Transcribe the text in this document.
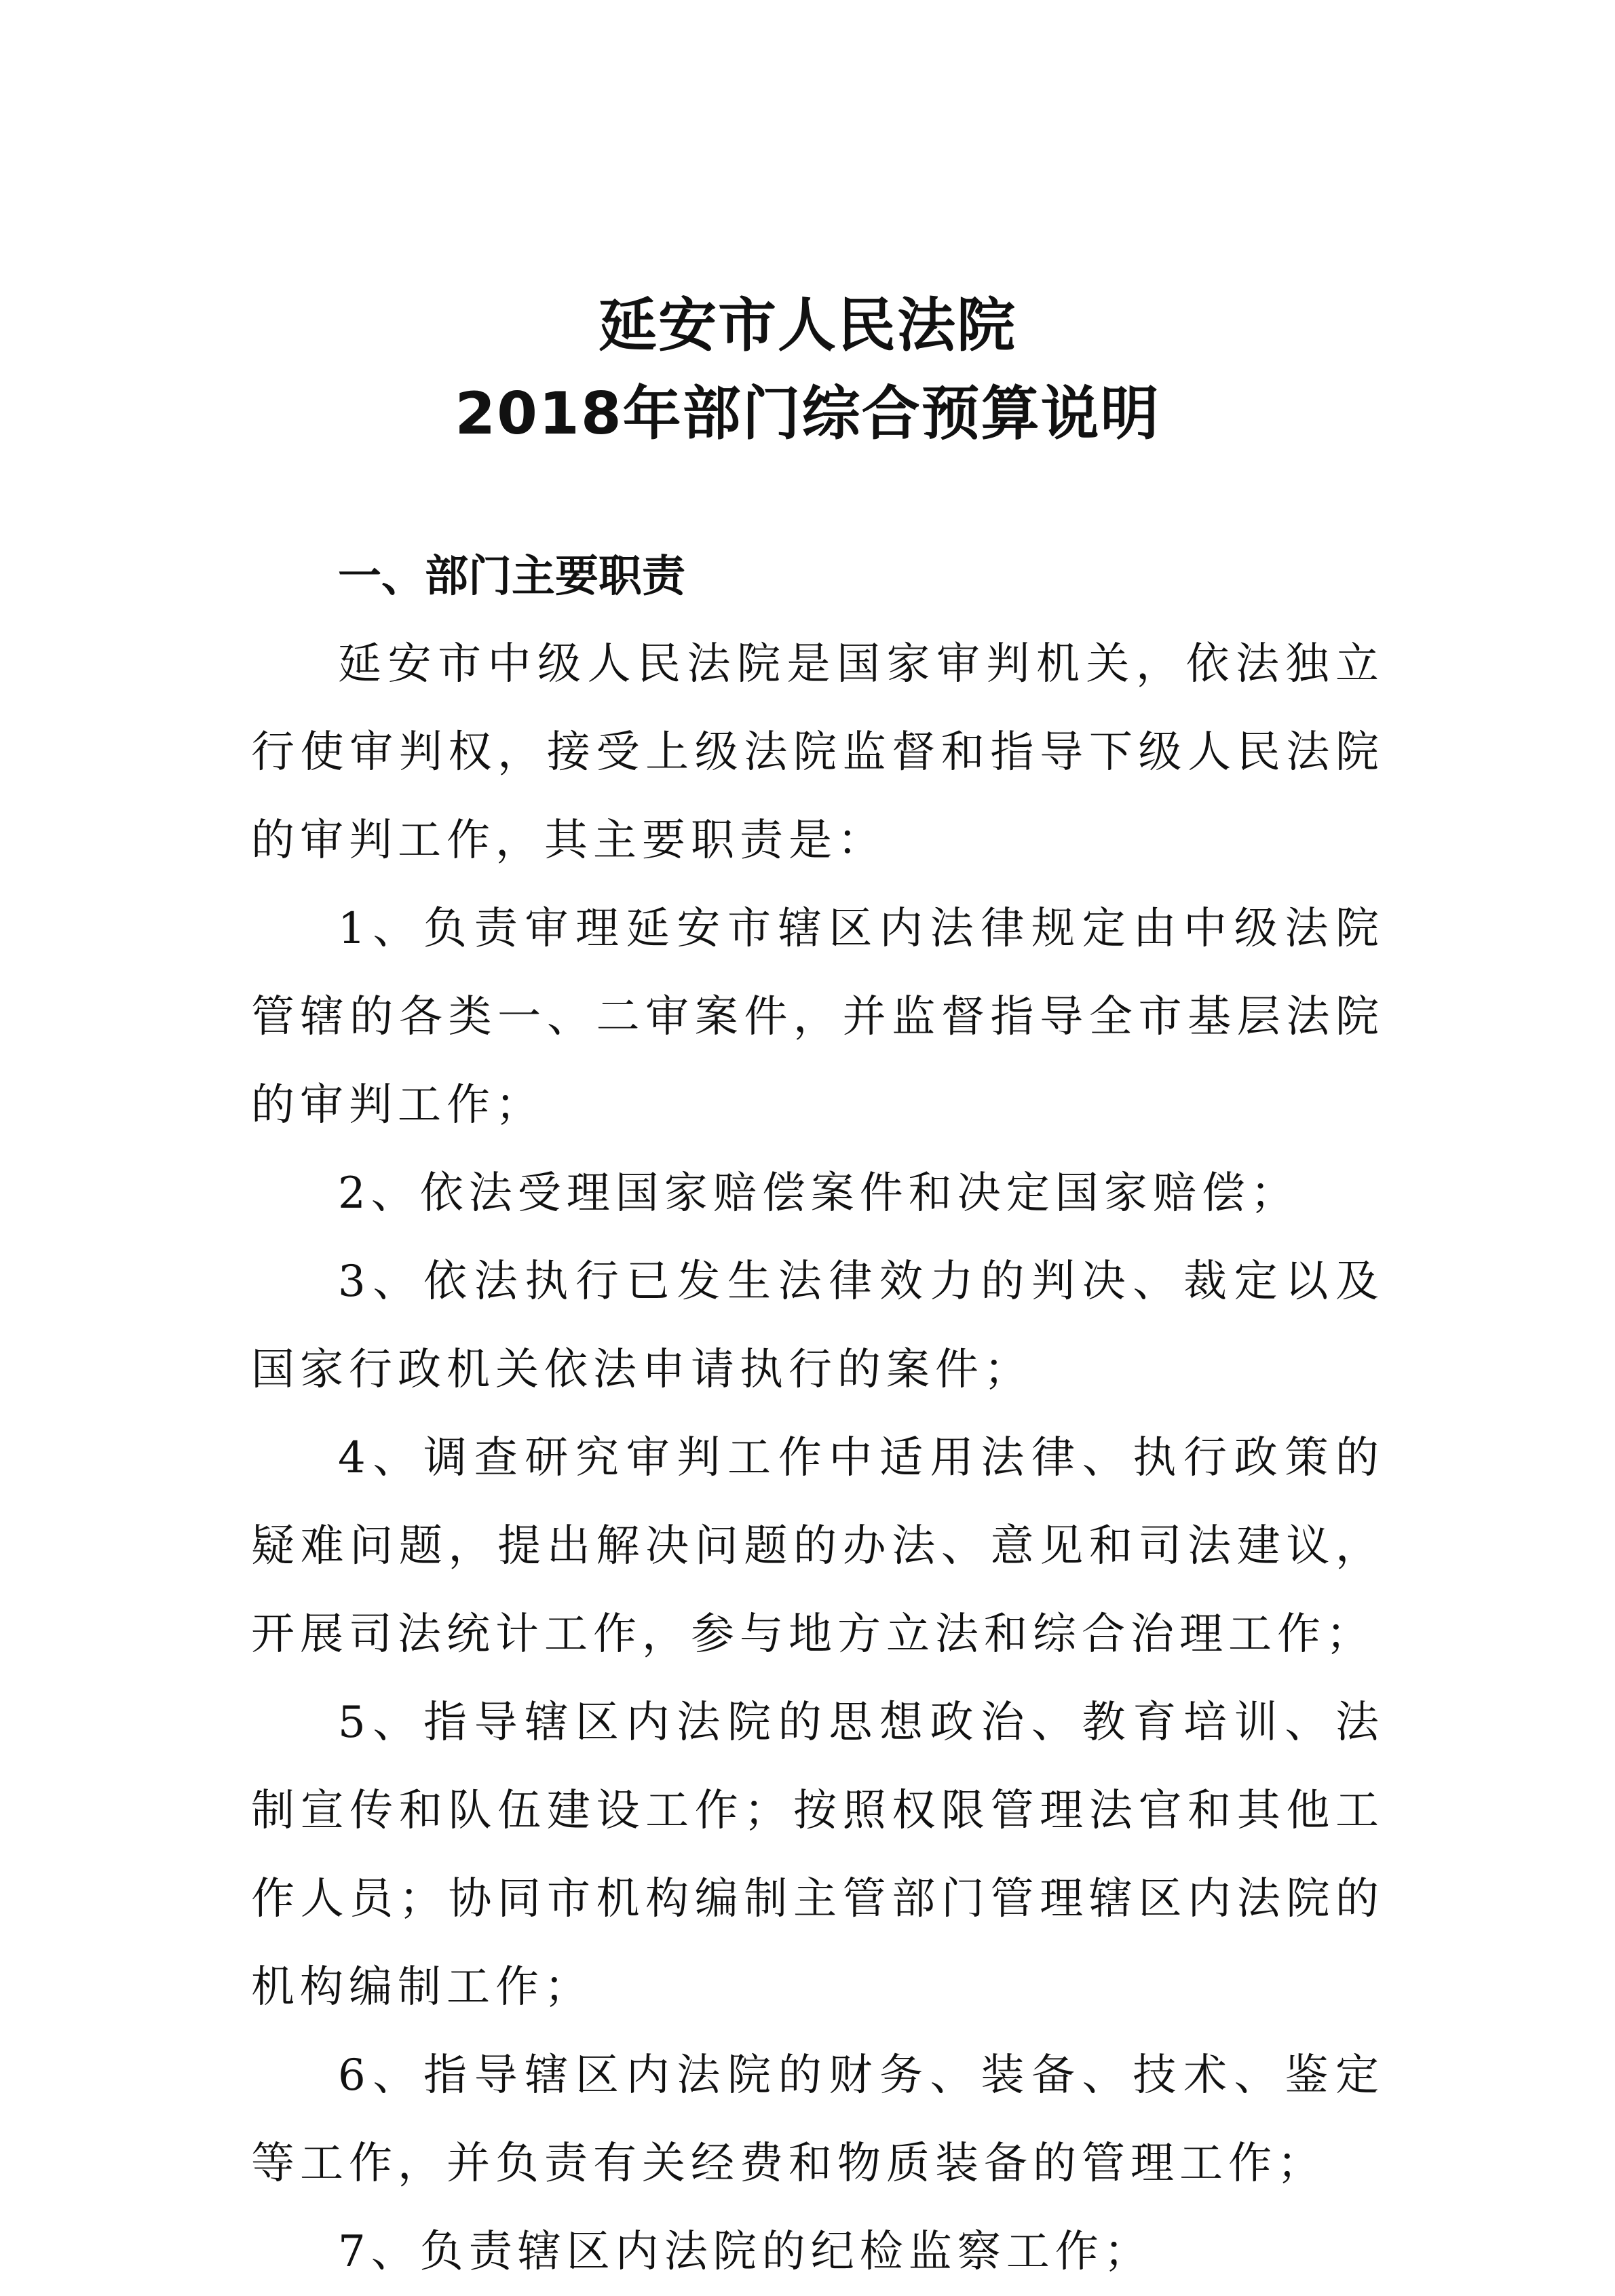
延安市人民法院
2018年部门综合预算说明
一、部门主要职责

延安市中级人民法院是国家审判机关，依法独立行使审判权，接受上级法院监督和指导下级人民法院的审判工作，其主要职责是：

1、负责审理延安市辖区内法律规定由中级法院管辖的各类一、二审案件，并监督指导全市基层法院的审判工作；

2、依法受理国家赔偿案件和决定国家赔偿；

3、依法执行已发生法律效力的判决、裁定以及国家行政机关依法申请执行的案件；

4、调查研究审判工作中适用法律、执行政策的疑难问题，提出解决问题的办法、意见和司法建议，开展司法统计工作，参与地方立法和综合治理工作；

5、指导辖区内法院的思想政治、教育培训、法制宣传和队伍建设工作；按照权限管理法官和其他工作人员；协同市机构编制主管部门管理辖区内法院的机构编制工作；

6、指导辖区内法院的财务、装备、技术、鉴定等工作，并负责有关经费和物质装备的管理工作；

7、负责辖区内法院的纪检监察工作；
